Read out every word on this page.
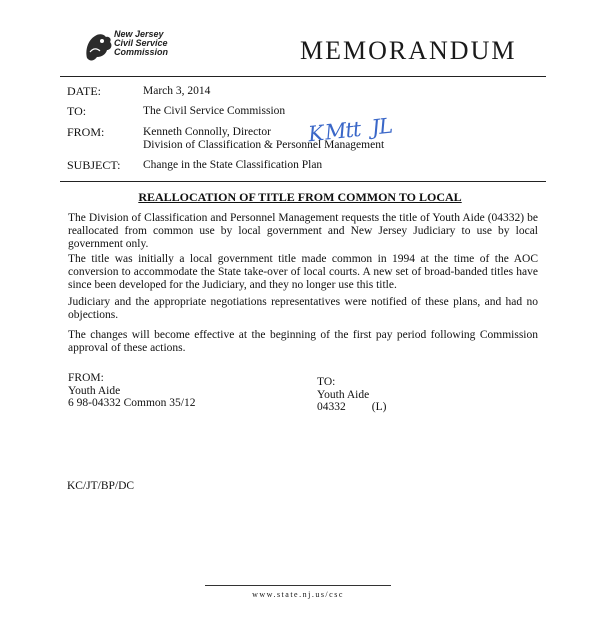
New Jersey
Civil Service
Commission	MEMORANDUM
DATE:	March 3, 2014
TO:	The Civil Service Commission
FROM:	Kenneth Connolly, Director
Division of Classification & Personnel Management
K  Mtt  JL
SUBJECT: Change in the State Classification Plan
REALLOCATION OF TITLE FROM COMMON TO LOCAL
The Division of Classification and Personnel Management requests the title of Youth Aide (04332) be reallocated from common use by local government and New Jersey Judiciary to use by local government only.
The title was initially a local government title made common in 1994 at the time of the AOC conversion to accommodate the State take-over of local courts. A new set of broad-banded titles have since been developed for the Judiciary, and they no longer use this title.
Judiciary and the appropriate negotiations representatives were notified of these plans, and had no objections.
The changes will become effective at the beginning of the first pay period following Commission approval of these actions.
FROM:
Youth Aide
6 98-04332 Common 35/12
TO:
Youth Aide
04332 (L)
KC/JT/BP/DC
www.state.nj.us/csc
